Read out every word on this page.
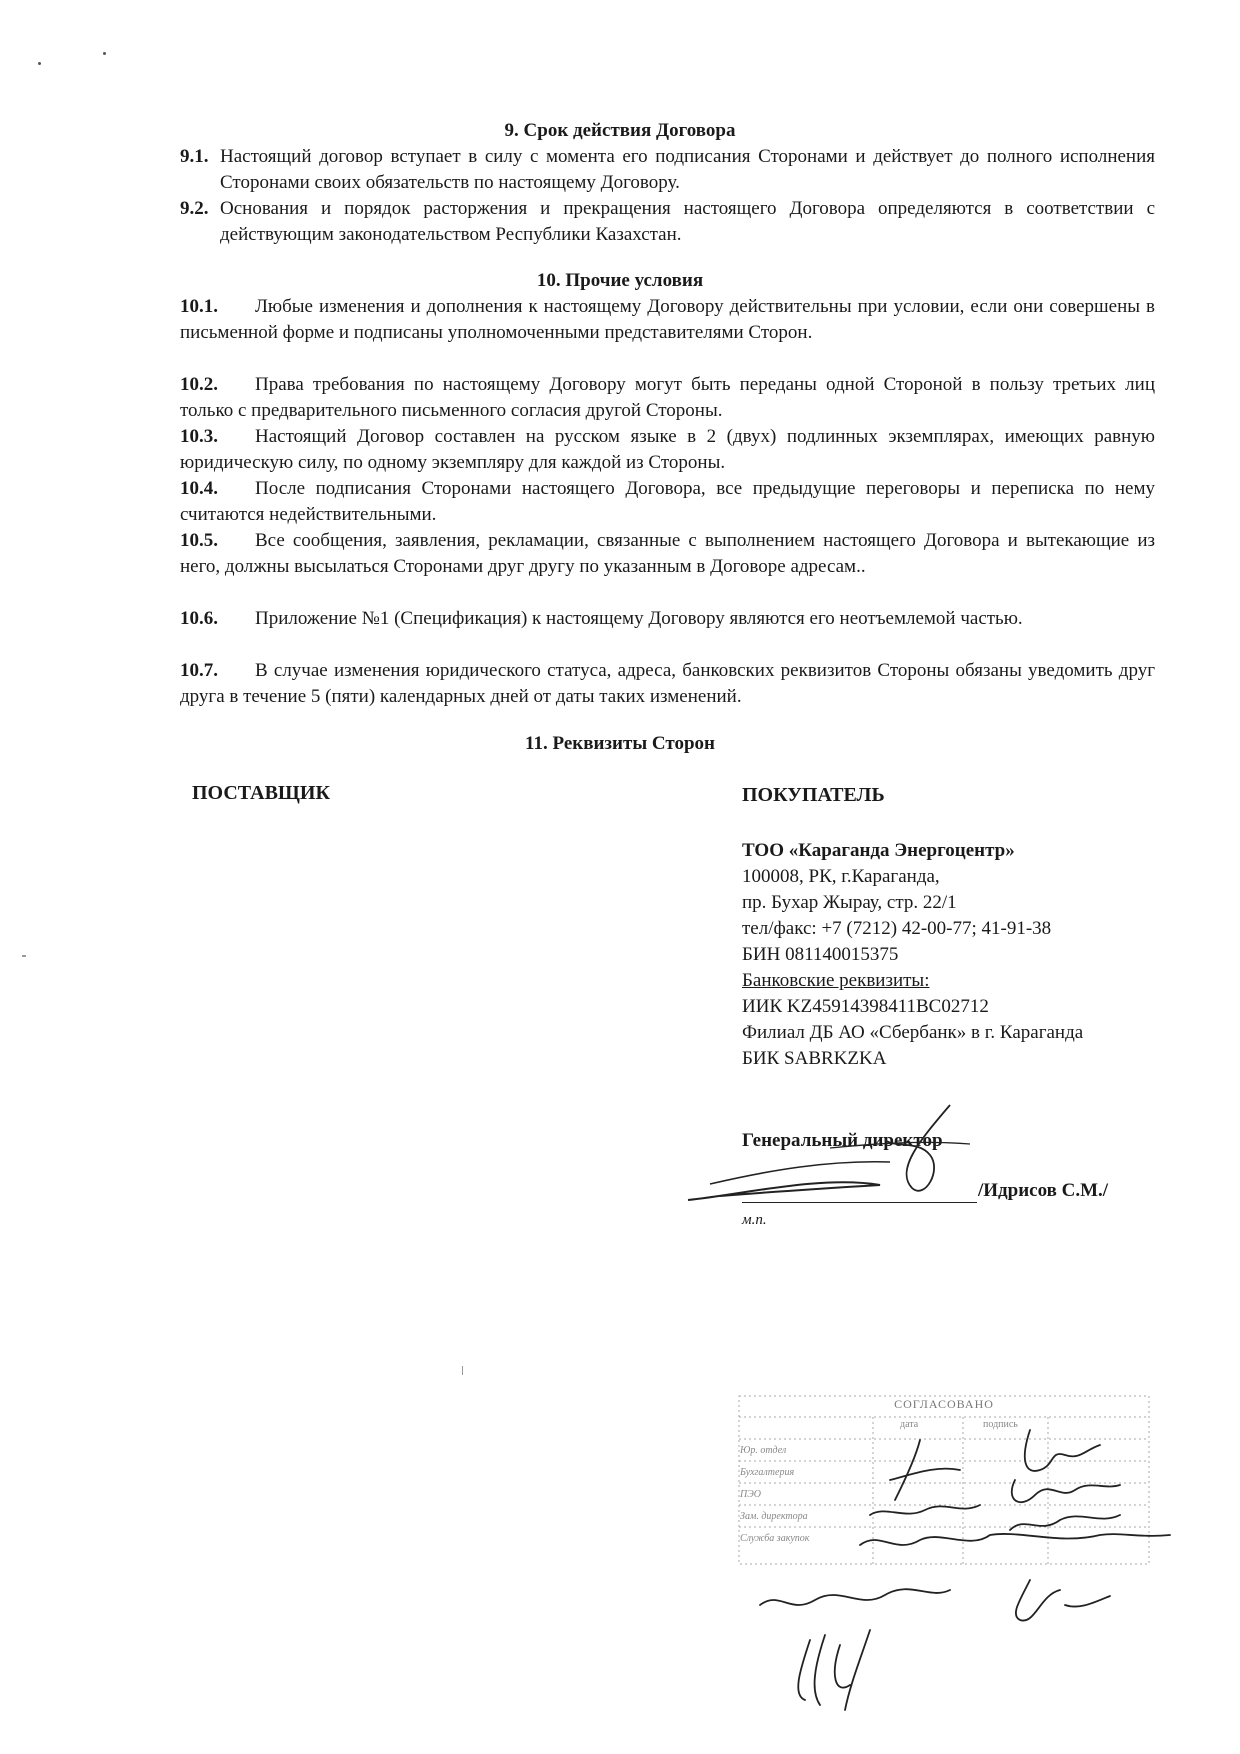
9. Срок действия Договора
9.1. Настоящий договор вступает в силу с момента его подписания Сторонами и действует до полного исполнения Сторонами своих обязательств по настоящему Договору.
9.2. Основания и порядок расторжения и прекращения настоящего Договора определяются в соответствии с действующим законодательством Республики Казахстан.
10. Прочие условия
10.1.	Любые изменения и дополнения к настоящему Договору действительны при условии, если они совершены в письменной форме и подписаны уполномоченными представителями Сторон.
10.2.	Права требования по настоящему Договору могут быть переданы одной Стороной в пользу третьих лиц только с предварительного письменного согласия другой Стороны.
10.3.	Настоящий Договор составлен на русском языке в 2 (двух) подлинных экземплярах, имеющих равную юридическую силу, по одному экземпляру для каждой из Стороны.
10.4.	После подписания Сторонами настоящего Договора, все предыдущие переговоры и переписка по нему считаются недействительными.
10.5.	Все сообщения, заявления, рекламации, связанные с выполнением настоящего Договора и вытекающие из него, должны высылаться Сторонами друг другу по указанным в Договоре адресам..
10.6.	Приложение №1 (Спецификация) к настоящему Договору являются его неотъемлемой частью.
10.7.	В случае изменения юридического статуса, адреса, банковских реквизитов Стороны обязаны уведомить друг друга в течение 5 (пяти) календарных дней от даты таких изменений.
11. Реквизиты Сторон
ПОСТАВЩИК	ПОКУПАТЕЛЬ
ТОО «Караганда Энергоцентр»
100008, РК, г.Караганда,
пр. Бухар Жырау, стр. 22/1
тел/факс: +7 (7212) 42-00-77; 41-91-38
БИН 081140015375
Банковские реквизиты:
ИИК KZ45914398411BC02712
Филиал ДБ АО «Сбербанк» в г. Караганда
БИК SABRKZKA
Генеральный директор
/Идрисов С.М./
м.п.
СОГЛАСОВАНО
дата	подпись
Юр. отдел
Бухгалтерия
ПЭО
Зам. директора
Служба закупок
